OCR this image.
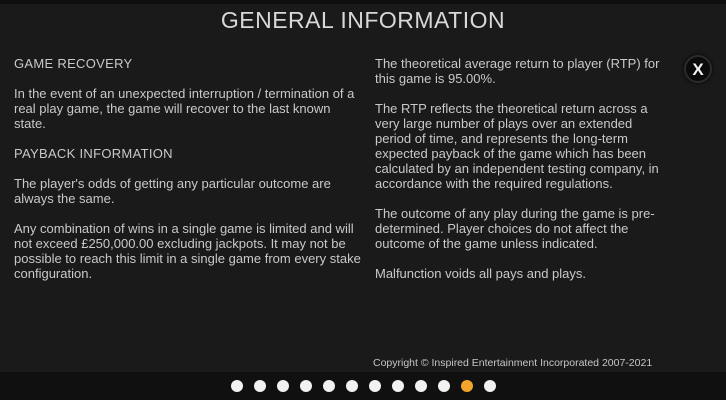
GENERAL INFORMATION
X
GAME RECOVERY

In the event of an unexpected interruption / termination of a real play game, the game will recover to the last known state.

PAYBACK INFORMATION

The player's odds of getting any particular outcome are always the same.

Any combination of wins in a single game is limited and will not exceed £250,000.00 excluding jackpots. It may not be possible to reach this limit in a single game from every stake configuration.

The theoretical average return to player (RTP) for this game is 95.00%.

The RTP reflects the theoretical return across a very large number of plays over an extended period of time, and represents the long-term expected payback of the game which has been calculated by an independent testing company, in accordance with the required regulations.

The outcome of any play during the game is pre-determined. Player choices do not affect the outcome of the game unless indicated.

Malfunction voids all pays and plays.

Copyright © Inspired Entertainment Incorporated 2007-2021
